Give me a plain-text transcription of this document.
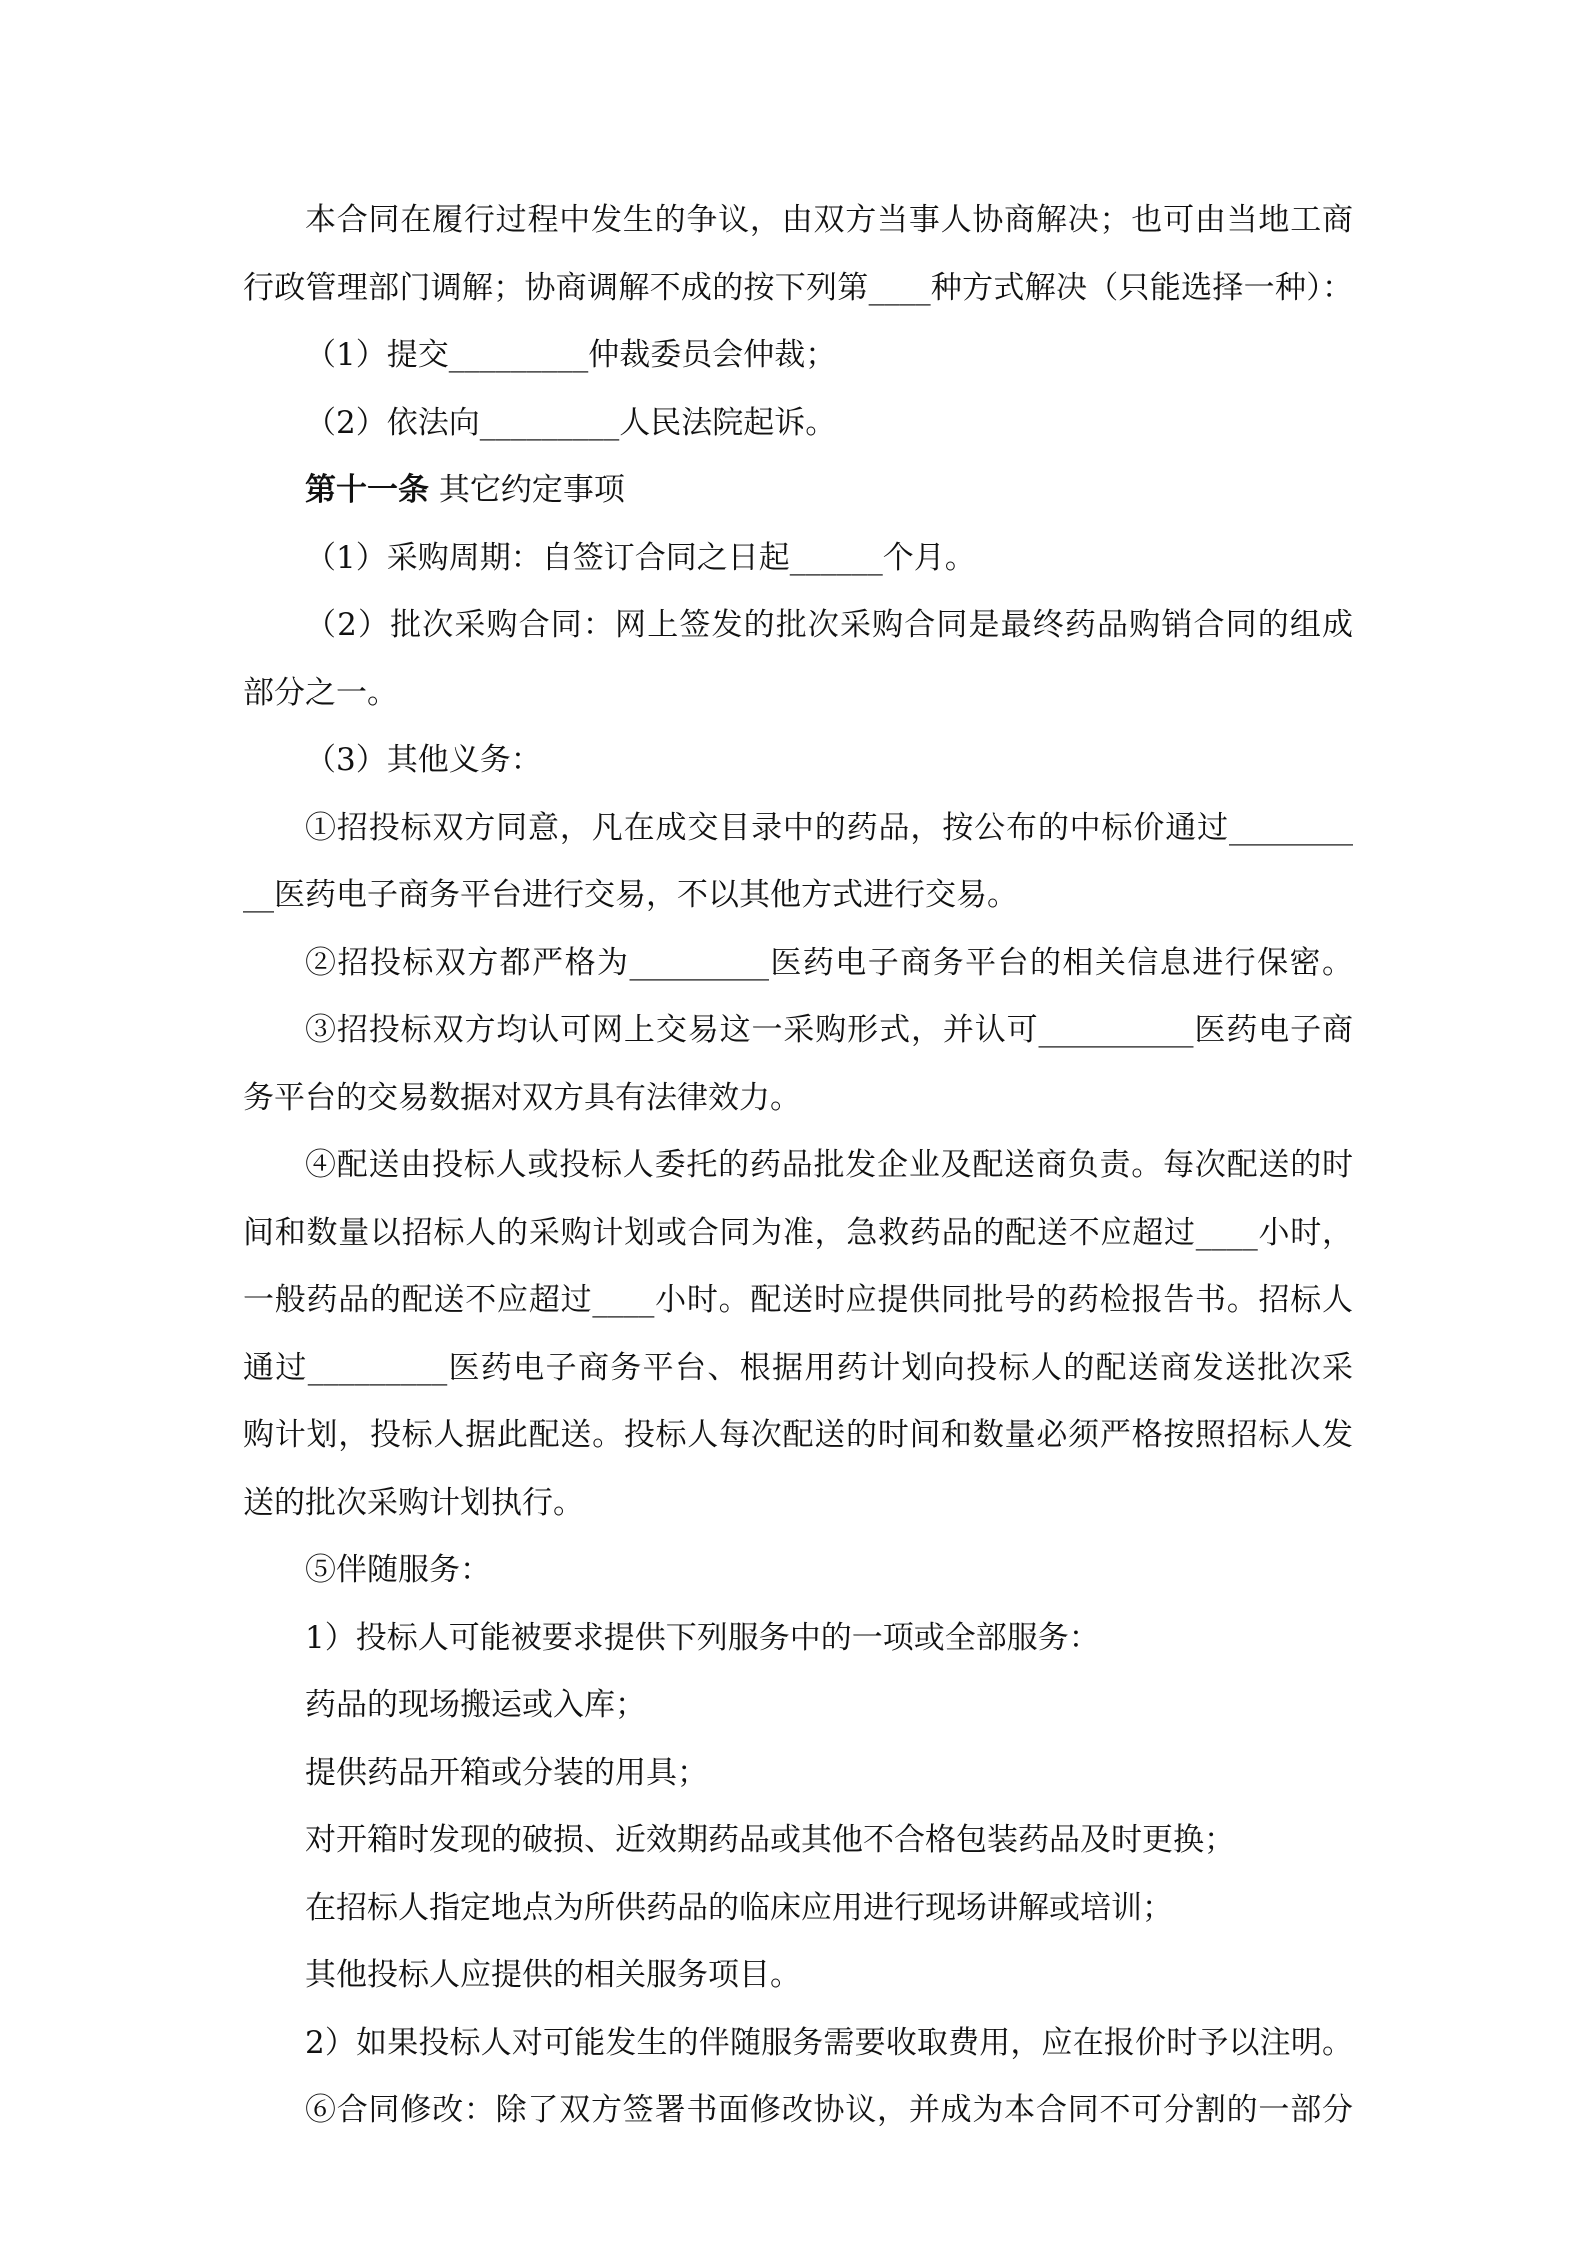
本合同在履行过程中发生的争议，由双方当事人协商解决；也可由当地工商
行政管理部门调解；协商调解不成的按下列第____种方式解决（只能选择一种）：
（1）提交_________仲裁委员会仲裁；
（2）依法向_________人民法院起诉。
第十一条 其它约定事项
（1）采购周期：自签订合同之日起______个月。
（2）批次采购合同：网上签发的批次采购合同是最终药品购销合同的组成
部分之一。
（3）其他义务：
①招投标双方同意，凡在成交目录中的药品，按公布的中标价通过________
__医药电子商务平台进行交易，不以其他方式进行交易。
②招投标双方都严格为_________医药电子商务平台的相关信息进行保密。
③招投标双方均认可网上交易这一采购形式，并认可__________医药电子商
务平台的交易数据对双方具有法律效力。
④配送由投标人或投标人委托的药品批发企业及配送商负责。每次配送的时
间和数量以招标人的采购计划或合同为准，急救药品的配送不应超过____小时，
一般药品的配送不应超过____小时。配送时应提供同批号的药检报告书。招标人
通过_________医药电子商务平台、根据用药计划向投标人的配送商发送批次采
购计划，投标人据此配送。投标人每次配送的时间和数量必须严格按照招标人发
送的批次采购计划执行。
⑤伴随服务：
1）投标人可能被要求提供下列服务中的一项或全部服务：
药品的现场搬运或入库；
提供药品开箱或分装的用具；
对开箱时发现的破损、近效期药品或其他不合格包装药品及时更换；
在招标人指定地点为所供药品的临床应用进行现场讲解或培训；
其他投标人应提供的相关服务项目。
2）如果投标人对可能发生的伴随服务需要收取费用，应在报价时予以注明。
⑥合同修改：除了双方签署书面修改协议，并成为本合同不可分割的一部分
